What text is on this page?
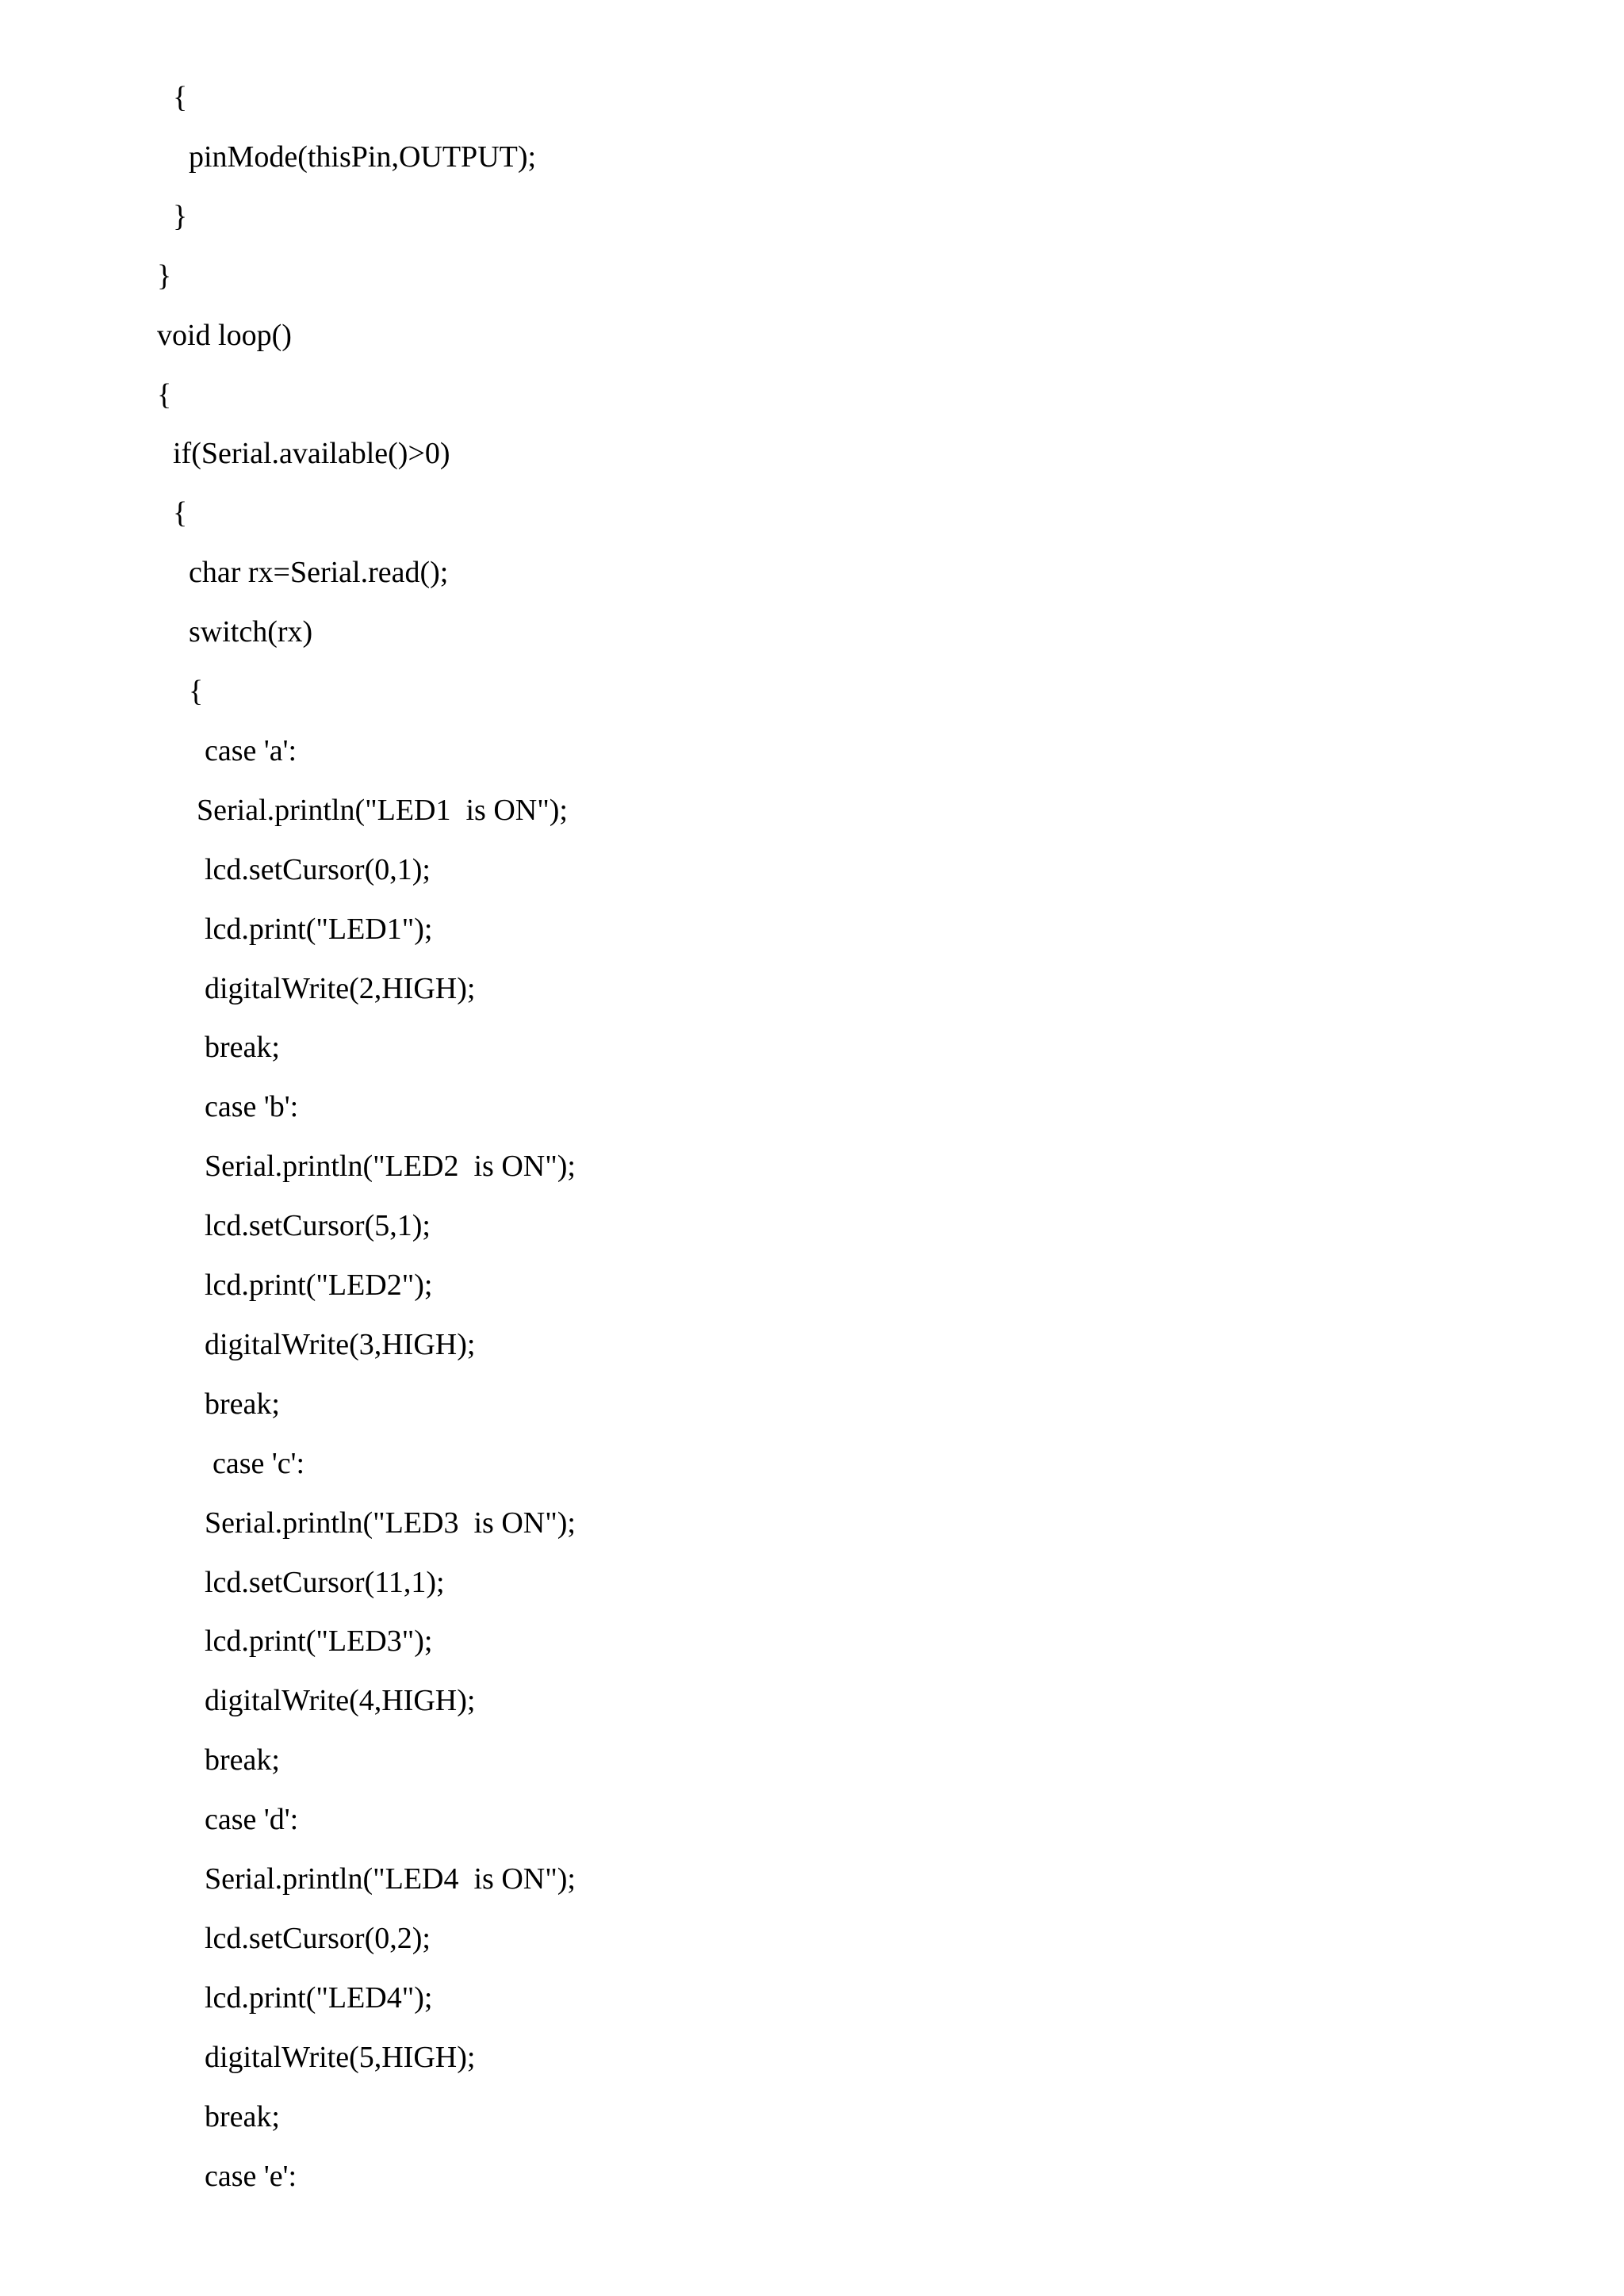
{
pinMode(thisPin,OUTPUT);
}
}
void loop()
{
if(Serial.available()>0)
{
char rx=Serial.read();
switch(rx)
{
case 'a':
Serial.println("LED1  is ON");
lcd.setCursor(0,1);
lcd.print("LED1");
digitalWrite(2,HIGH);
break;
case 'b':
Serial.println("LED2  is ON");
lcd.setCursor(5,1);
lcd.print("LED2");
digitalWrite(3,HIGH);
break;
case 'c':
Serial.println("LED3  is ON");
lcd.setCursor(11,1);
lcd.print("LED3");
digitalWrite(4,HIGH);
break;
case 'd':
Serial.println("LED4  is ON");
lcd.setCursor(0,2);
lcd.print("LED4");
digitalWrite(5,HIGH);
break;
case 'e':
